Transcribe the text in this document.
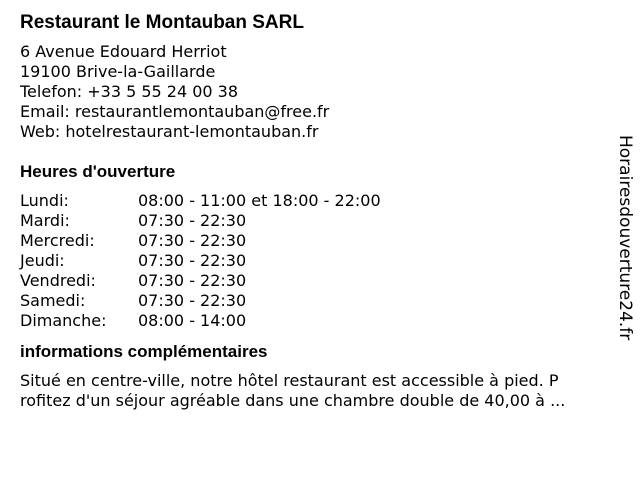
Restaurant le Montauban SARL
6 Avenue Edouard Herriot
19100 Brive-la-Gaillarde
Telefon: +33 5 55 24 00 38
Email: restaurantlemontauban@free.fr
Web: hotelrestaurant-lemontauban.fr
Heures d'ouverture
Lundi:	08:00 - 11:00 et 18:00 - 22:00
Mardi:	07:30 - 22:30
Mercredi:	07:30 - 22:30
Jeudi:	07:30 - 22:30
Vendredi:	07:30 - 22:30
Samedi:	07:30 - 22:30
Dimanche:	08:00 - 14:00
informations complémentaires
Situé en centre-ville, notre hôtel restaurant est accessible à pied. P
rofitez d'un séjour agréable dans une chambre double de 40,00 à ...
Horairesdouverture24.fr
